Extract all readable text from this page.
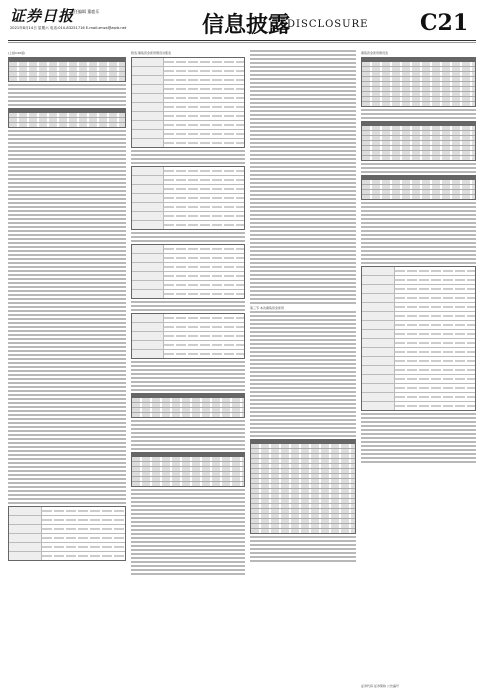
证券日报
责任编辑 董鹿乐
2021年8月14日 星期六 电话:010-83251716 E-mail:zmzx@zqrb.net	信息披露
DISCLOSURE C21
(上接C20版)	附表:募集资金使用情况对照表
第三节 本次募集资金使用
募集资金使用情况表
证券代码 证券简称 公告编号
